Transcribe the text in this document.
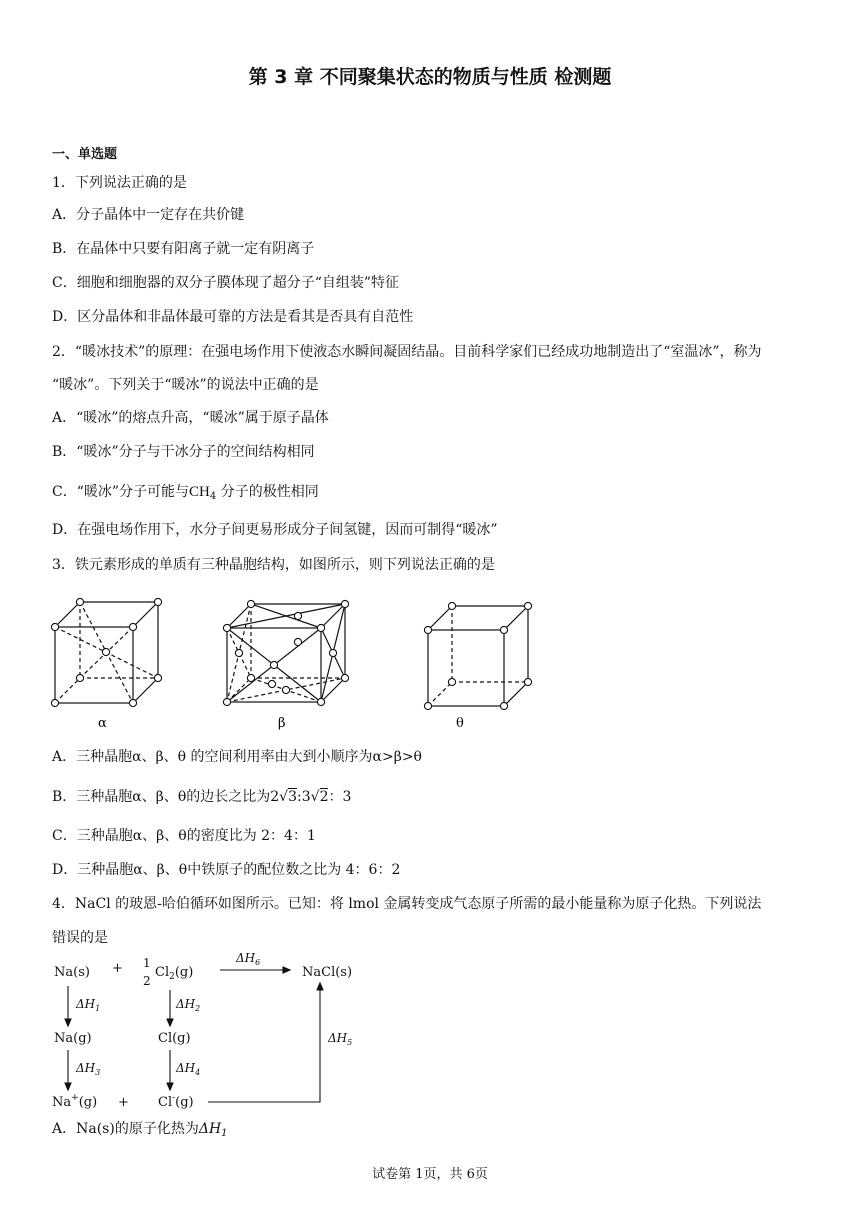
第 3 章 不同聚集状态的物质与性质 检测题
一、单选题
1．下列说法正确的是
A．分子晶体中一定存在共价键
B．在晶体中只要有阳离子就一定有阴离子
C．细胞和细胞器的双分子膜体现了超分子“自组装”特征
D．区分晶体和非晶体最可靠的方法是看其是否具有自范性
2．“暖冰技术”的原理：在强电场作用下使液态水瞬间凝固结晶。目前科学家们已经成功地制造出了“室温冰”，称为
“暖冰”。下列关于“暖冰”的说法中正确的是
A．“暖冰”的熔点升高，“暖冰”属于原子晶体
B．“暖冰”分子与干冰分子的空间结构相同
C．“暖冰”分子可能与$CH_4$ 分子的极性相同
D．在强电场作用下，水分子间更易形成分子间氢键，因而可制得“暖冰”
3．铁元素形成的单质有三种晶胞结构，如图所示，则下列说法正确的是
α	β	θ
A．三种晶胞α、β、θ 的空间利用率由大到小顺序为α>β>θ
B．三种晶胞α、β、θ的边长之比为2√3:3√2：3
C．三种晶胞α、β、θ的密度比为 2：4：1
D．三种晶胞α、β、θ中铁原子的配位数之比为 4：6：2
4．NaCl 的玻恩-哈伯循环如图所示。已知：将 lmol 金属转变成气态原子所需的最小能量称为原子化热。下列说法
错误的是
Na(s) + 1
2
$Cl_2(g)$	NaCl(s)
Na(g)	Cl(g)
Na+(g) + Cl-(g)
$\Delta H_6$
$\Delta H_1$	$\Delta H_2$
$\Delta H_3$	$\Delta H_4$
$\Delta H_5$
A．Na(s)的原子化热为$\Delta H_1$
试卷第 1页，共 6页
